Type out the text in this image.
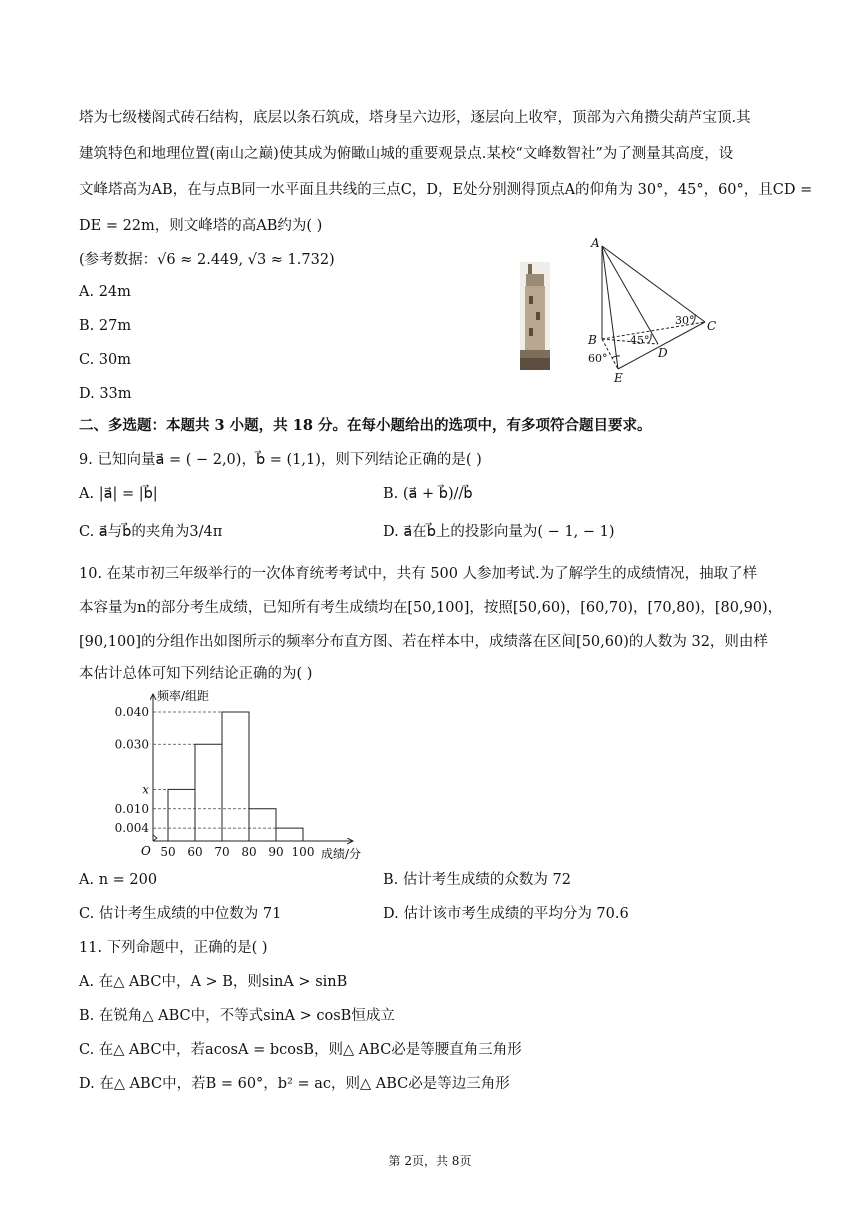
塔为七级楼阁式砖石结构，底层以条石筑成，塔身呈六边形，逐层向上收窄，顶部为六角攒尖葫芦宝顶.其
建筑特色和地理位置(南山之巅)使其成为俯瞰山城的重要观景点.某校“文峰数智社”为了测量其高度，设
文峰塔高为AB，在与点B同一水平面且共线的三点C，D，E处分别测得顶点A的仰角为 30°，45°，60°，且CD =
DE = 22m，则文峰塔的高AB约为( )
(参考数据：√6 ≈ 2.449, √3 ≈ 1.732)
A. 24m
B. 27m
C. 30m
D. 33m
A
B
C
D
E
30°
45°
60°
二、多选题：本题共 3 小题，共 18 分。在每小题给出的选项中，有多项符合题目要求。
9. 已知向量a⃗ = ( − 2,0)，b⃗ = (1,1)，则下列结论正确的是( )
A. |a⃗| = |b⃗|	B. (a⃗ + b⃗)//b⃗
C. a⃗与b⃗的夹角为3/4π	D. a⃗在b⃗上的投影向量为( − 1, − 1)
10. 在某市初三年级举行的一次体育统考考试中，共有 500 人参加考试.为了解学生的成绩情况，抽取了样
本容量为n的部分考生成绩，已知所有考生成绩均在[50,100]，按照[50,60)，[60,70)，[70,80)，[80,90)，
[90,100]的分组作出如图所示的频率分布直方图、若在样本中，成绩落在区间[50,60)的人数为 32，则由样
本估计总体可知下列结论正确的为( )
0.040
0.030
x
0.010
0.004
50 60 70 80 90 100
O
频率/组距
成绩/分
A. n = 200	B. 估计考生成绩的众数为 72
C. 估计考生成绩的中位数为 71	D. 估计该市考生成绩的平均分为 70.6
11. 下列命题中，正确的是( )
A. 在△ ABC中，A > B，则sinA > sinB
B. 在锐角△ ABC中，不等式sinA > cosB恒成立
C. 在△ ABC中，若acosA = bcosB，则△ ABC必是等腰直角三角形
D. 在△ ABC中，若B = 60°，b² = ac，则△ ABC必是等边三角形
第 2页，共 8页
